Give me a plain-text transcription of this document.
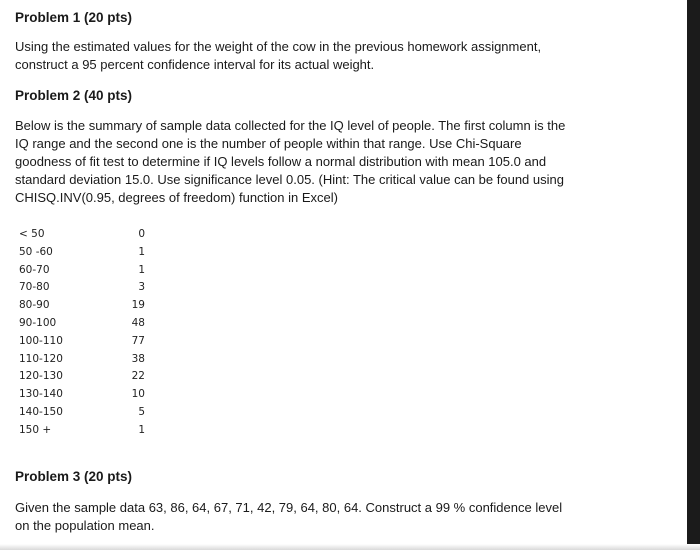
Problem 1 (20 pts)
Using the estimated values for the weight of the cow in the previous homework assignment,
construct a 95 percent confidence interval for its actual weight.
Problem 2 (40 pts)
Below is the summary of sample data collected for the IQ level of people. The first column is the
IQ range and the second one is the number of people within that range. Use Chi-Square
goodness of fit test to determine if IQ levels follow a normal distribution with mean 105.0 and
standard deviation 15.0. Use significance level 0.05. (Hint: The critical value can be found using
CHISQ.INV(0.95, degrees of freedom) function in Excel)
< 50	0
50 -60	1
60-70	1
70-80	3
80-90	19
90-100	48
100-110	77
110-120	38
120-130	22
130-140	10
140-150	5
150 +	1
Problem 3 (20 pts)
Given the sample data 63, 86, 64, 67, 71, 42, 79, 64, 80, 64. Construct a 99 % confidence level
on the population mean.
